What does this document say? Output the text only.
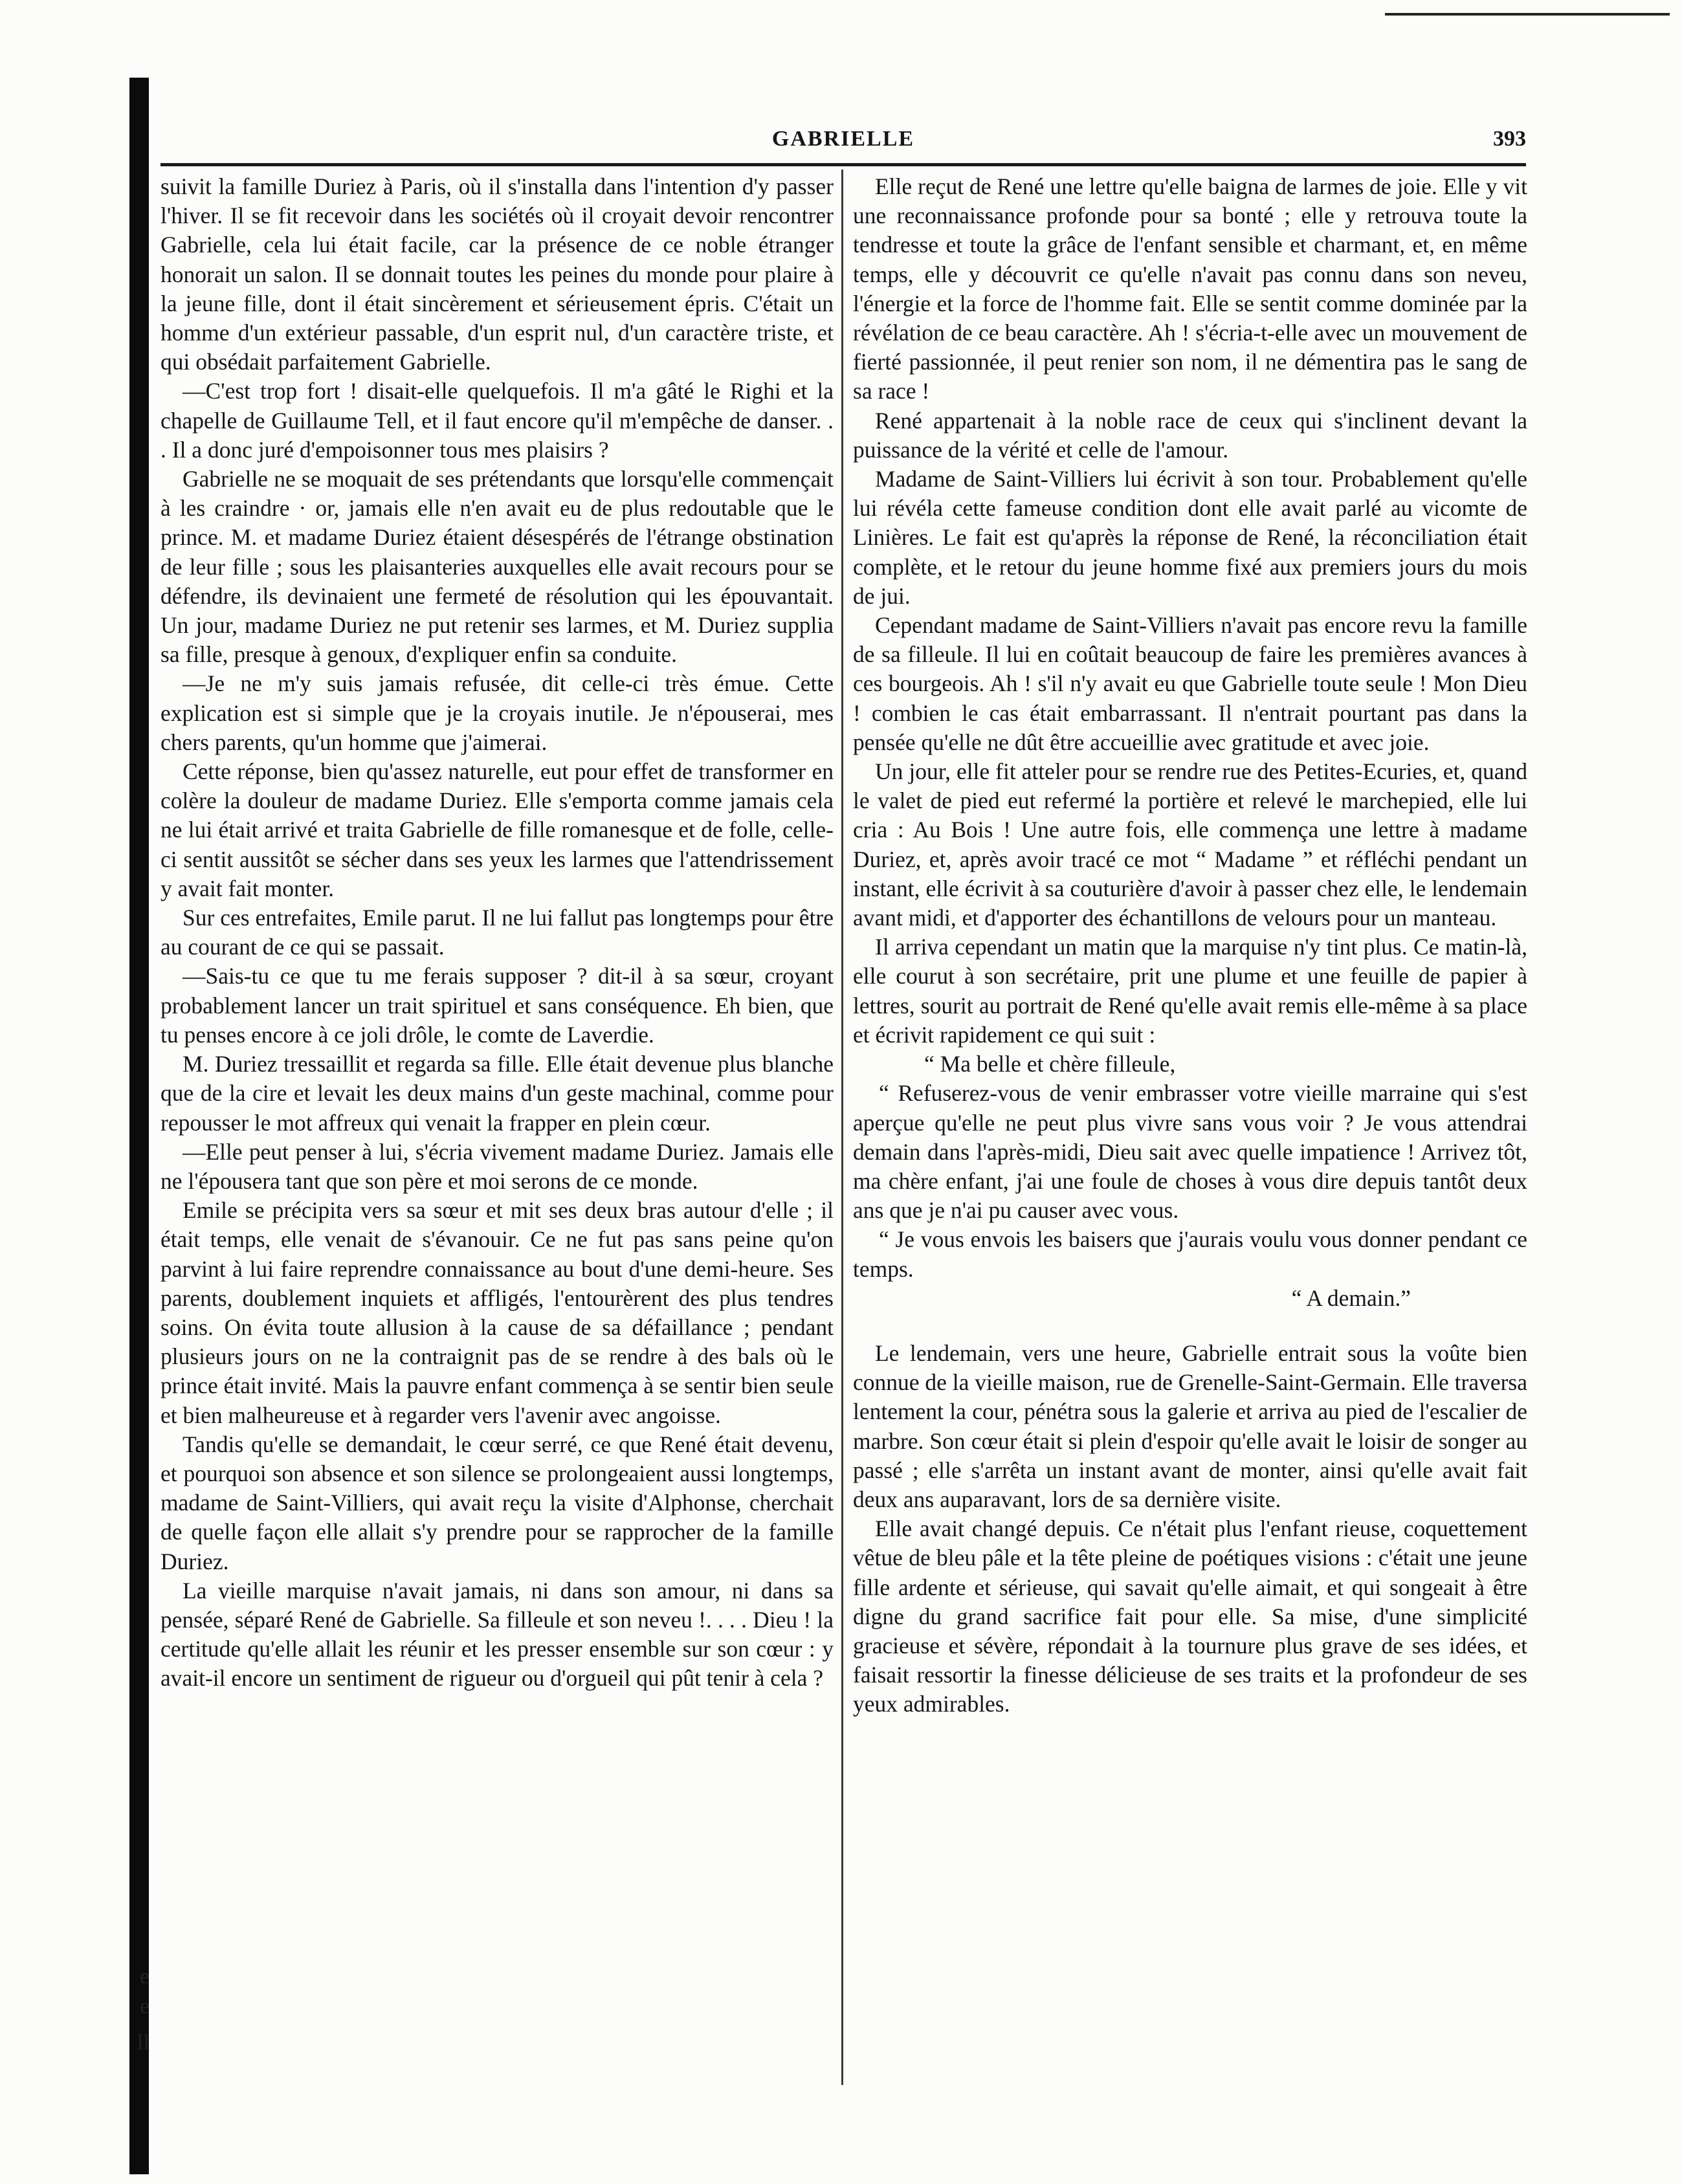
e
e
ll
GABRIELLE	393

suivit la famille Duriez à Paris, où il s'installa dans l'intention d'y passer l'hiver. Il se fit recevoir dans les sociétés où il croyait devoir rencontrer Gabrielle, cela lui était facile, car la présence de ce noble étranger honorait un salon. Il se donnait toutes les peines du monde pour plaire à la jeune fille, dont il était sincèrement et sérieusement épris. C'était un homme d'un extérieur passable, d'un esprit nul, d'un caractère triste, et qui obsédait parfaitement Gabrielle.

—C'est trop fort ! disait-elle quelquefois. Il m'a gâté le Righi et la chapelle de Guillaume Tell, et il faut encore qu'il m'empêche de danser. . . Il a donc juré d'empoisonner tous mes plaisirs ?

Gabrielle ne se moquait de ses prétendants que lorsqu'elle commençait à les craindre · or, jamais elle n'en avait eu de plus redoutable que le prince. M. et madame Duriez étaient désespérés de l'étrange obstination de leur fille ; sous les plaisanteries auxquelles elle avait recours pour se défendre, ils devinaient une fermeté de résolution qui les épouvantait. Un jour, madame Duriez ne put retenir ses larmes, et M. Duriez supplia sa fille, presque à genoux, d'expliquer enfin sa conduite.

—Je ne m'y suis jamais refusée, dit celle-ci très émue. Cette explication est si simple que je la croyais inutile. Je n'épouserai, mes chers parents, qu'un homme que j'aimerai.

Cette réponse, bien qu'assez naturelle, eut pour effet de transformer en colère la douleur de madame Duriez. Elle s'emporta comme jamais cela ne lui était arrivé et traita Gabrielle de fille romanesque et de folle, celle-ci sentit aussitôt se sécher dans ses yeux les larmes que l'attendrissement y avait fait monter.

Sur ces entrefaites, Emile parut. Il ne lui fallut pas longtemps pour être au courant de ce qui se passait.

—Sais-tu ce que tu me ferais supposer ? dit-il à sa sœur, croyant probablement lancer un trait spirituel et sans conséquence. Eh bien, que tu penses encore à ce joli drôle, le comte de Laverdie.

M. Duriez tressaillit et regarda sa fille. Elle était devenue plus blanche que de la cire et levait les deux mains d'un geste machinal, comme pour repousser le mot affreux qui venait la frapper en plein cœur.

—Elle peut penser à lui, s'écria vivement madame Duriez. Jamais elle ne l'épousera tant que son père et moi serons de ce monde.

Emile se précipita vers sa sœur et mit ses deux bras autour d'elle ; il était temps, elle venait de s'évanouir. Ce ne fut pas sans peine qu'on parvint à lui faire reprendre connaissance au bout d'une demi-heure. Ses parents, doublement inquiets et affligés, l'entourèrent des plus tendres soins. On évita toute allusion à la cause de sa défaillance ; pendant plusieurs jours on ne la contraignit pas de se rendre à des bals où le prince était invité. Mais la pauvre enfant commença à se sentir bien seule et bien malheureuse et à regarder vers l'avenir avec angoisse.

Tandis qu'elle se demandait, le cœur serré, ce que René était devenu, et pourquoi son absence et son silence se prolongeaient aussi longtemps, madame de Saint-Villiers, qui avait reçu la visite d'Alphonse, cherchait de quelle façon elle allait s'y prendre pour se rapprocher de la famille Duriez.

La vieille marquise n'avait jamais, ni dans son amour, ni dans sa pensée, séparé René de Gabrielle. Sa filleule et son neveu !. . . . Dieu ! la certitude qu'elle allait les réunir et les presser ensemble sur son cœur : y avait-il encore un sentiment de rigueur ou d'orgueil qui pût tenir à cela ?

Elle reçut de René une lettre qu'elle baigna de larmes de joie. Elle y vit une reconnaissance profonde pour sa bonté ; elle y retrouva toute la tendresse et toute la grâce de l'enfant sensible et charmant, et, en même temps, elle y découvrit ce qu'elle n'avait pas connu dans son neveu, l'énergie et la force de l'homme fait. Elle se sentit comme dominée par la révélation de ce beau caractère. Ah ! s'écria-t-elle avec un mouvement de fierté passionnée, il peut renier son nom, il ne démentira pas le sang de sa race !

René appartenait à la noble race de ceux qui s'inclinent devant la puissance de la vérité et celle de l'amour.

Madame de Saint-Villiers lui écrivit à son tour. Probablement qu'elle lui révéla cette fameuse condition dont elle avait parlé au vicomte de Linières. Le fait est qu'après la réponse de René, la réconciliation était complète, et le retour du jeune homme fixé aux premiers jours du mois de jui.

Cependant madame de Saint-Villiers n'avait pas encore revu la famille de sa filleule. Il lui en coûtait beaucoup de faire les premières avances à ces bourgeois. Ah ! s'il n'y avait eu que Gabrielle toute seule ! Mon Dieu ! combien le cas était embarrassant. Il n'entrait pourtant pas dans la pensée qu'elle ne dût être accueillie avec gratitude et avec joie.

Un jour, elle fit atteler pour se rendre rue des Petites-Ecuries, et, quand le valet de pied eut refermé la portière et relevé le marchepied, elle lui cria : Au Bois ! Une autre fois, elle commença une lettre à madame Duriez, et, après avoir tracé ce mot “ Madame ” et réfléchi pendant un instant, elle écrivit à sa couturière d'avoir à passer chez elle, le lendemain avant midi, et d'apporter des échantillons de velours pour un manteau.

Il arriva cependant un matin que la marquise n'y tint plus. Ce matin-là, elle courut à son secrétaire, prit une plume et une feuille de papier à lettres, sourit au portrait de René qu'elle avait remis elle-même à sa place et écrivit rapidement ce qui suit :

“ Ma belle et chère filleule,

“ Refuserez-vous de venir embrasser votre vieille marraine qui s'est aperçue qu'elle ne peut plus vivre sans vous voir ? Je vous attendrai demain dans l'après-midi, Dieu sait avec quelle impatience ! Arrivez tôt, ma chère enfant, j'ai une foule de choses à vous dire depuis tantôt deux ans que je n'ai pu causer avec vous.

“ Je vous envois les baisers que j'aurais voulu vous donner pendant ce temps.

“ A demain.”

Le lendemain, vers une heure, Gabrielle entrait sous la voûte bien connue de la vieille maison, rue de Grenelle-Saint-Germain. Elle traversa lentement la cour, pénétra sous la galerie et arriva au pied de l'escalier de marbre. Son cœur était si plein d'espoir qu'elle avait le loisir de songer au passé ; elle s'arrêta un instant avant de monter, ainsi qu'elle avait fait deux ans auparavant, lors de sa dernière visite.

Elle avait changé depuis. Ce n'était plus l'enfant rieuse, coquettement vêtue de bleu pâle et la tête pleine de poétiques visions : c'était une jeune fille ardente et sérieuse, qui savait qu'elle aimait, et qui songeait à être digne du grand sacrifice fait pour elle. Sa mise, d'une simplicité gracieuse et sévère, répondait à la tournure plus grave de ses idées, et faisait ressortir la finesse délicieuse de ses traits et la profondeur de ses yeux admirables.
